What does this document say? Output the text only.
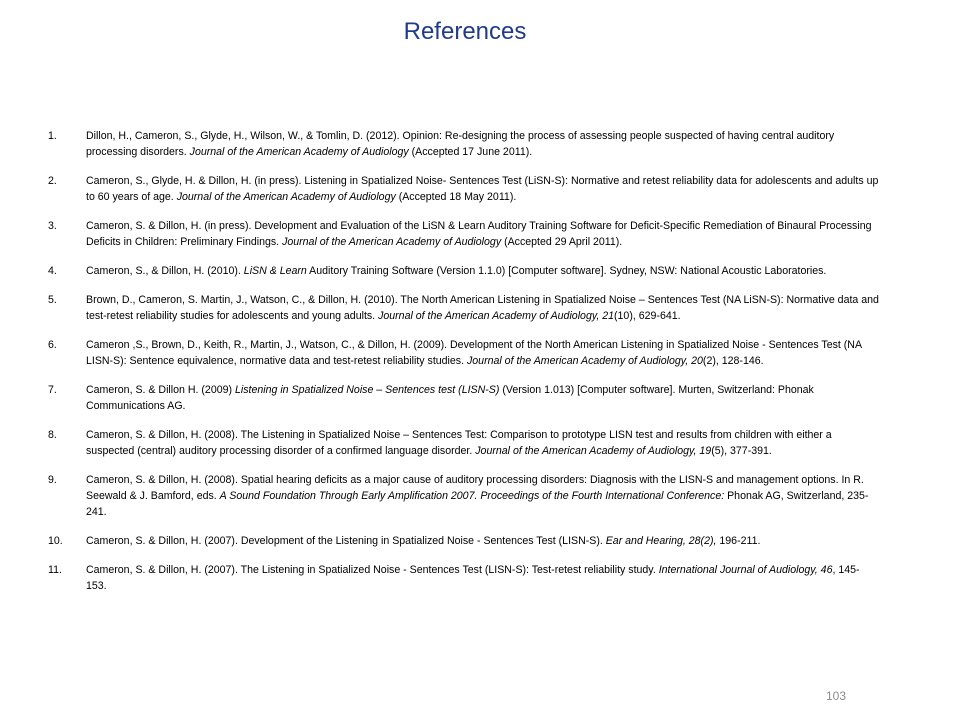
References
1.	Dillon, H., Cameron, S., Glyde, H., Wilson, W., & Tomlin, D. (2012). Opinion: Re-designing the process of assessing people suspected of having central auditory processing disorders. Journal of the American Academy of Audiology (Accepted 17 June 2011).
2.	Cameron, S., Glyde, H. & Dillon, H. (in press). Listening in Spatialized Noise- Sentences Test (LiSN-S): Normative and retest reliability data for adolescents and adults up to 60 years of age. Journal of the American Academy of Audiology (Accepted 18 May 2011).
3.	Cameron, S. & Dillon, H. (in press). Development and Evaluation of the LiSN & Learn Auditory Training Software for Deficit-Specific Remediation of Binaural Processing Deficits in Children: Preliminary Findings. Journal of the American Academy of Audiology (Accepted 29 April 2011).
4.	Cameron, S., & Dillon, H. (2010). LiSN & Learn Auditory Training Software (Version 1.1.0) [Computer software]. Sydney, NSW: National Acoustic Laboratories.
5.	Brown, D., Cameron, S. Martin, J., Watson, C., & Dillon, H. (2010). The North American Listening in Spatialized Noise – Sentences Test (NA LiSN-S): Normative data and test-retest reliability studies for adolescents and young adults. Journal of the American Academy of Audiology, 21(10), 629-641.
6.	Cameron ,S., Brown, D., Keith, R., Martin, J., Watson, C., & Dillon, H. (2009). Development of the North American Listening in Spatialized Noise - Sentences Test (NA LISN-S): Sentence equivalence, normative data and test-retest reliability studies. Journal of the American Academy of Audiology, 20(2), 128-146.
7.	Cameron, S. & Dillon H. (2009) Listening in Spatialized Noise – Sentences test (LISN-S) (Version 1.013) [Computer software]. Murten, Switzerland: Phonak Communications AG.
8.	Cameron, S. & Dillon, H. (2008). The Listening in Spatialized Noise – Sentences Test: Comparison to prototype LISN test and results from children with either a suspected (central) auditory processing disorder of a confirmed language disorder. Journal of the American Academy of Audiology, 19(5), 377-391.
9.	Cameron, S. & Dillon, H. (2008). Spatial hearing deficits as a major cause of auditory processing disorders: Diagnosis with the LISN-S and management options. In R. Seewald & J. Bamford, eds. A Sound Foundation Through Early Amplification 2007. Proceedings of the Fourth International Conference: Phonak AG, Switzerland, 235-241.
10.	Cameron, S. & Dillon, H. (2007). Development of the Listening in Spatialized Noise - Sentences Test (LISN-S). Ear and Hearing, 28(2), 196-211.
11.	Cameron, S. & Dillon, H. (2007). The Listening in Spatialized Noise - Sentences Test (LISN-S): Test-retest reliability study. International Journal of Audiology, 46, 145-153.
103
